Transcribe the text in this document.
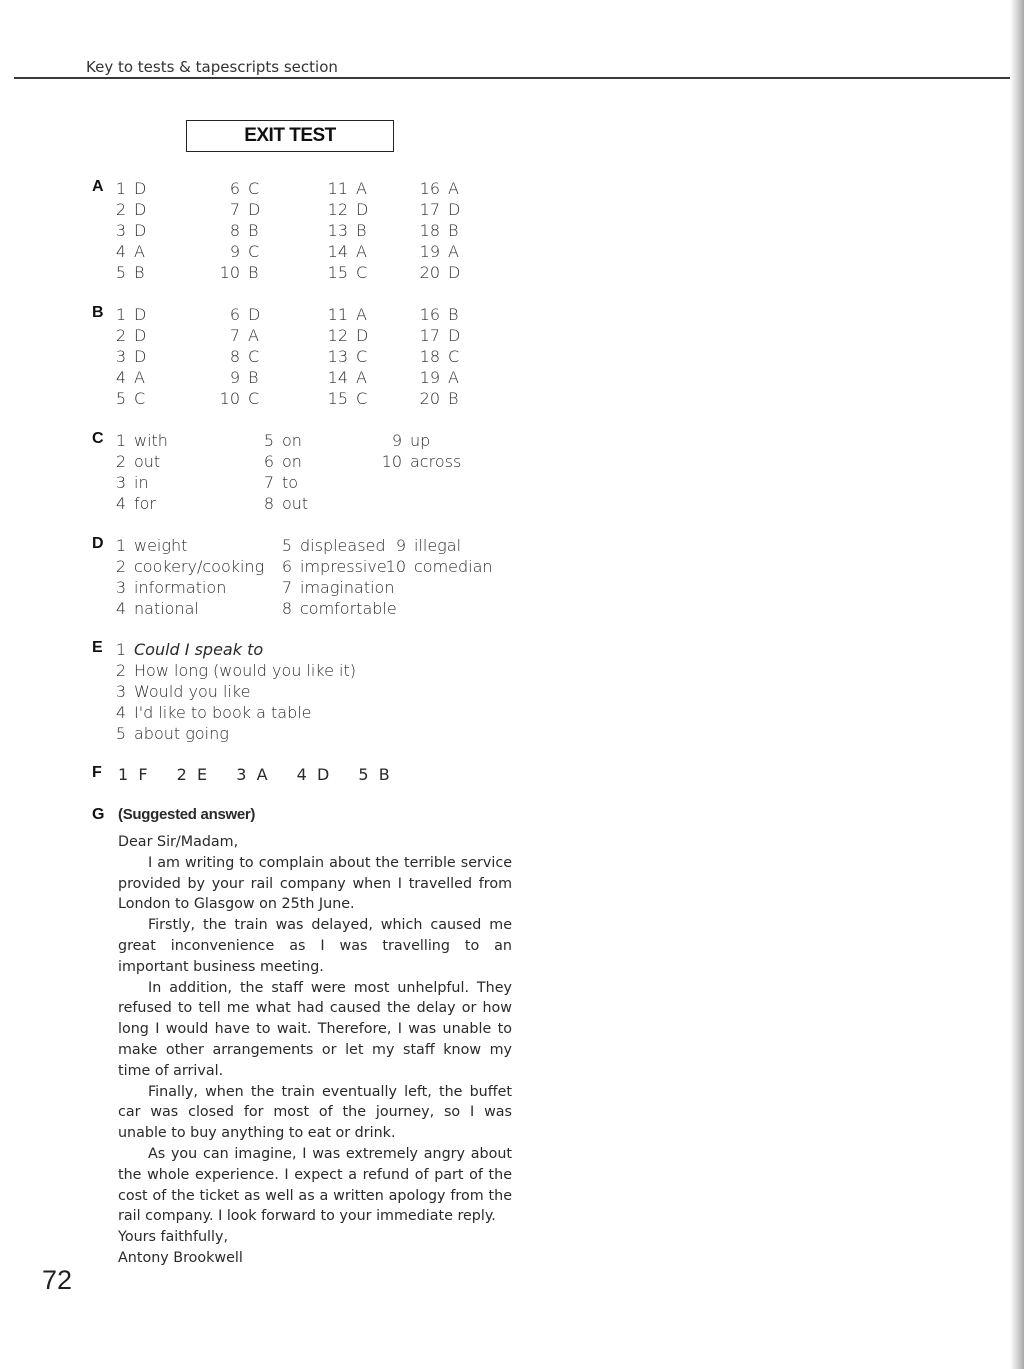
Key to tests & tapescripts section
EXIT TEST
A
B
C
D
E
F
G
1 D
2 D
3 D
4 A
5 B
6 C
7 D
8 B
9 C
10 B
11 A
12 D
13 B
14 A
15 C
16 A
17 D
18 B
19 A
20 D
1 D
2 D
3 D
4 A
5 C
6 D
7 A
8 C
9 B
10 C
11 A
12 D
13 C
14 A
15 C
16 B
17 D
18 C
19 A
20 B
1 with
2 out
3 in
4 for
5 on
6 on
7 to
8 out
9 up
10 across
1 weight
2 cookery/cooking
3 information
4 national
5 displeased
6 impressive
7 imagination
8 comfortable
9 illegal
10 comedian
1 Could I speak to
2 How long (would you like it)
3 Would you like
4 I'd like to book a table
5 about going
1 F 2 E 3 A 4 D 5 B
(Suggested answer)

Dear Sir/Madam,

I am writing to complain about the terrible service provided by your rail company when I travelled from London to Glasgow on 25th June.

Firstly, the train was delayed, which caused me great inconvenience as I was travelling to an important business meeting.

In addition, the staff were most unhelpful. They refused to tell me what had caused the delay or how long I would have to wait. Therefore, I was unable to make other arrangements or let my staff know my time of arrival.

Finally, when the train eventually left, the buffet car was closed for most of the journey, so I was unable to buy anything to eat or drink.

As you can imagine, I was extremely angry about the whole experience. I expect a refund of part of the cost of the ticket as well as a written apology from the rail company. I look forward to your immediate reply.

Yours faithfully,

Antony Brookwell

72
